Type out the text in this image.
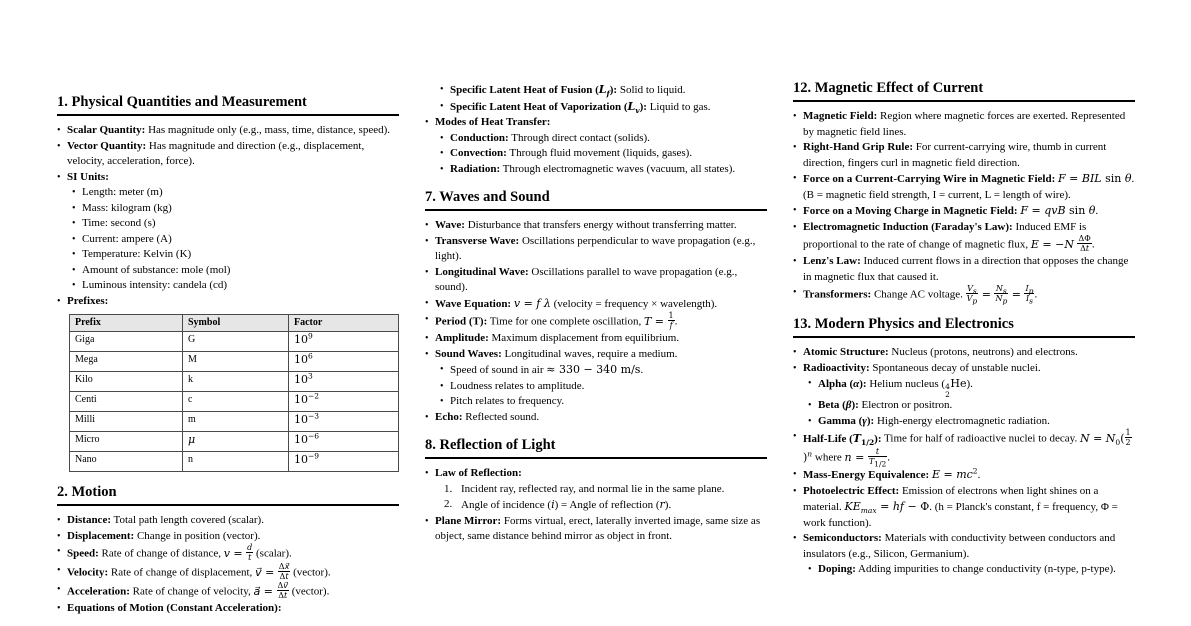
1. Physical Quantities and Measurement
• Scalar Quantity: Has magnitude only (e.g., mass, time, distance, speed).
• Vector Quantity: Has magnitude and direction (e.g., displacement, velocity, acceleration, force).
• SI Units:
• Length: meter (m)
• Mass: kilogram (kg)
• Time: second (s)
• Current: ampere (A)
• Temperature: Kelvin (K)
• Amount of substance: mole (mol)
• Luminous intensity: candela (cd)
• Prefixes:
Prefix	Symbol	Factor
Giga	G	$10^9$
Mega	M	$10^6$
Kilo	k	$10^3$
Centi	c	$10^{-2}$
Milli	m	$10^{-3}$
Micro	μ	$10^{-6}$
Nano	n	$10^{-9}$
2. Motion
• Distance: Total path length covered (scalar).
• Displacement: Change in position (vector).
• Speed: Rate of change of distance, $v = \frac{d}{t}$ (scalar).
• Velocity: Rate of change of displacement, v⃗ = $\frac{\Delta x⃗}{\Delta t}$ (vector).
• Acceleration: Rate of change of velocity, a⃗ = $\frac{\Delta v⃗}{\Delta t}$ (vector).
• Equations of Motion (Constant Acceleration):
• Specific Latent Heat of Fusion $(L_f)$: Solid to liquid.
• Specific Latent Heat of Vaporization $(L_v)$: Liquid to gas.
• Modes of Heat Transfer:
• Conduction: Through direct contact (solids).
• Convection: Through fluid movement (liquids, gases).
• Radiation: Through electromagnetic waves (vacuum, all states).
7. Waves and Sound
• Wave: Disturbance that transfers energy without transferring matter.
• Transverse Wave: Oscillations perpendicular to wave propagation (e.g., light).
• Longitudinal Wave: Oscillations parallel to wave propagation (e.g., sound).
• Wave Equation: v = f λ (velocity = frequency × wavelength).
• Period (T): Time for one complete oscillation, $T = \frac{1}{f}$ .
• Amplitude: Maximum displacement from equilibrium.
• Sound Waves: Longitudinal waves, require a medium.
• Speed of sound in air ≈ 330 − 340 m/s.
• Loudness relates to amplitude.
• Pitch relates to frequency.
• Echo: Reflected sound.
8. Reflection of Light
• Law of Reflection:
1. Incident ray, reflected ray, and normal lie in the same plane.
2. Angle of incidence (i) = Angle of reflection (r).
• Plane Mirror: Forms virtual, erect, laterally inverted image, same size as object, same distance behind mirror as object in front.
12. Magnetic Effect of Current
• Magnetic Field: Region where magnetic forces are exerted. Represented by magnetic field lines.
• Right-Hand Grip Rule: For current-carrying wire, thumb in current direction, fingers curl in magnetic field direction.
• Force on a Current-Carrying Wire in Magnetic Field: F = BIL sin θ. (B = magnetic field strength, I = current, L = length of wire).
• Force on a Moving Charge in Magnetic Field: F = qvB sin θ.
• Electromagnetic Induction (Faraday's Law): Induced EMF is proportional to the rate of change of magnetic flux, $E = -N \frac{\Delta\Phi}{\Delta t}$ .
• Lenz's Law: Induced current flows in a direction that opposes the change in magnetic flux that caused it.
• Transformers: Change AC voltage. $\frac{V_s}{V_p} = \frac{N_s}{N_p} = \frac{I_p}{I_s}$ .
13. Modern Physics and Electronics
• Atomic Structure: Nucleus (protons, neutrons) and electrons.
• Radioactivity: Spontaneous decay of unstable nuclei.
• Alpha (α): Helium nucleus ( 4
2
He).
• Beta (β): Electron or positron.
• Gamma (γ): High-energy electromagnetic radiation.
• Half-Life $(T_{1/2})$: Time for half of radioactive nuclei to decay. $N = N_0( \frac{1}{2}$
)$^n$ where $n = \frac{t}{T_{1/2}}$ .
• Mass-Energy Equivalence: $E = mc^2$.
• Photoelectric Effect: Emission of electrons when light shines on a material. $KE_{max}$ = hf − Φ. (h = Planck's constant, f = frequency, Φ = work function).
• Semiconductors: Materials with conductivity between conductors and insulators (e.g., Silicon, Germanium).
• Doping: Adding impurities to change conductivity (n-type, p-type).
